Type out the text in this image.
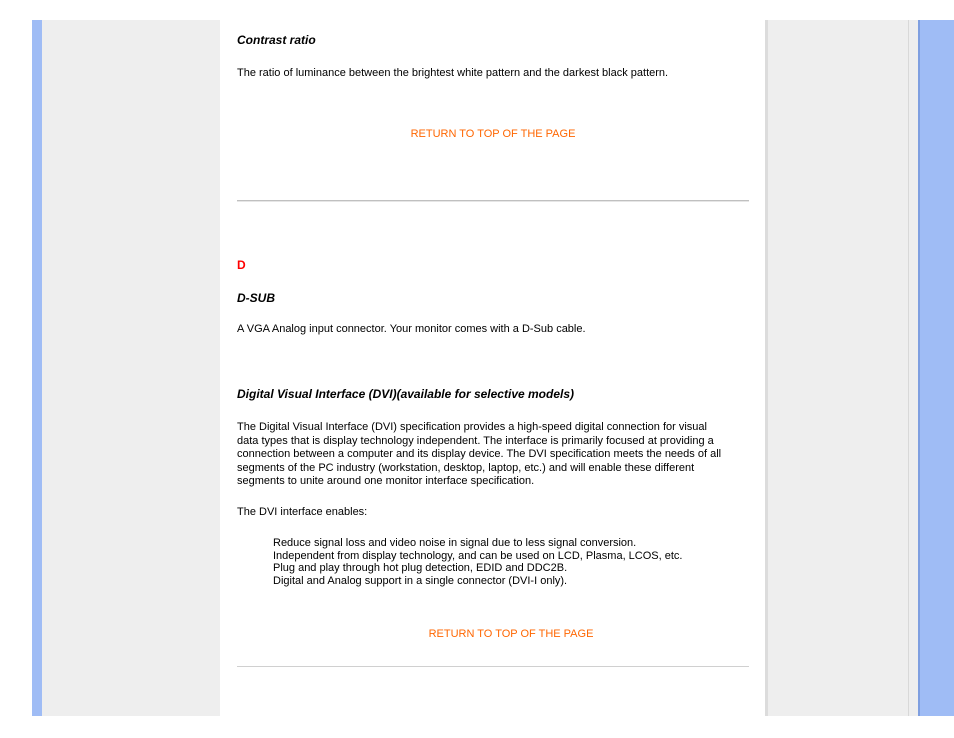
Contrast ratio
The ratio of luminance between the brightest white pattern and the darkest black pattern.
RETURN TO TOP OF THE PAGE
D
D-SUB
A VGA Analog input connector. Your monitor comes with a D-Sub cable.
Digital Visual Interface (DVI)(available for selective models)
The Digital Visual Interface (DVI) specification provides a high-speed digital connection for visual
data types that is display technology independent. The interface is primarily focused at providing a
connection between a computer and its display device. The DVI specification meets the needs of all
segments of the PC industry (workstation, desktop, laptop, etc.) and will enable these different
segments to unite around one monitor interface specification.
The DVI interface enables:
Reduce signal loss and video noise in signal due to less signal conversion.
Independent from display technology, and can be used on LCD, Plasma, LCOS, etc.
Plug and play through hot plug detection, EDID and DDC2B.
Digital and Analog support in a single connector (DVI-I only).
RETURN TO TOP OF THE PAGE
